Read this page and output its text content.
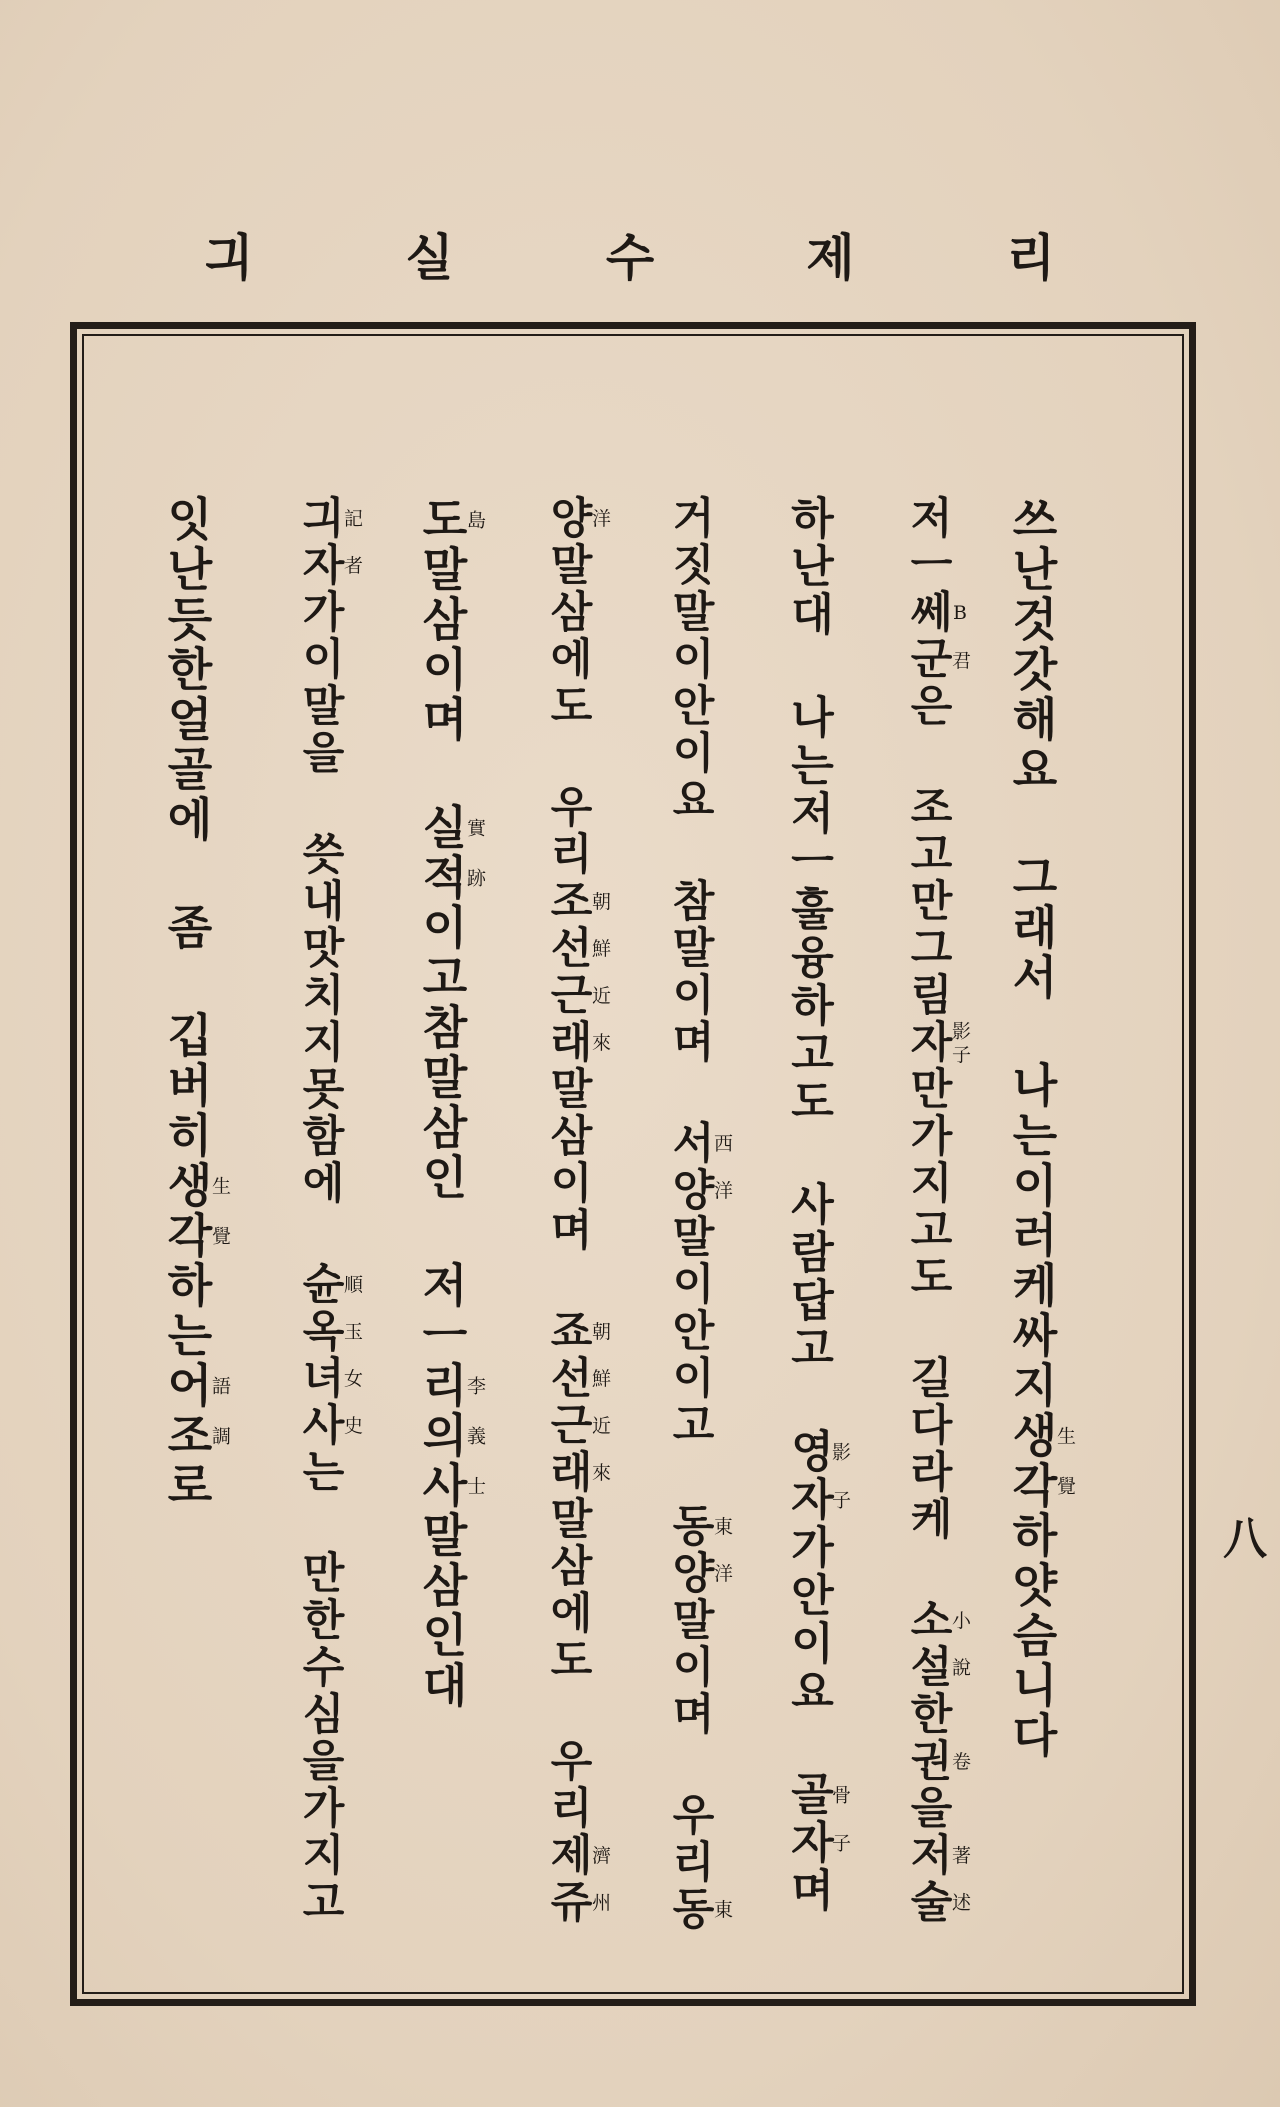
리
제
수
실
긔
쓰난것갓해요 그래서 나는이러케싸지생각生覺하얏슴니다
저ㅡ쎄군B君은 조고만그림자影子만가지고도 길다라케 소설小說한권卷을저술著述
하난대 나는저ㅡ훌융하고도 사람답고 영자影子가안이요 골자骨子며
거짓말이안이요 참말이며 서양西洋말이안이고 동양東洋말이며 우리동東
양洋말삼에도 우리조선朝鮮근래近來말삼이며 죠선朝鮮근래近來말삼에도 우리제쥬濟州
도島말삼이며 실적實跡이고참말삼인 저ㅡ리의사李義士말삼인대
긔자記者가이말을 씃내맛치지못함에 슌옥녀사順玉女史는 만한수심을가지고
잇난듯한얼골에 좀 깁버히생각生覺하는어조語調로
八
